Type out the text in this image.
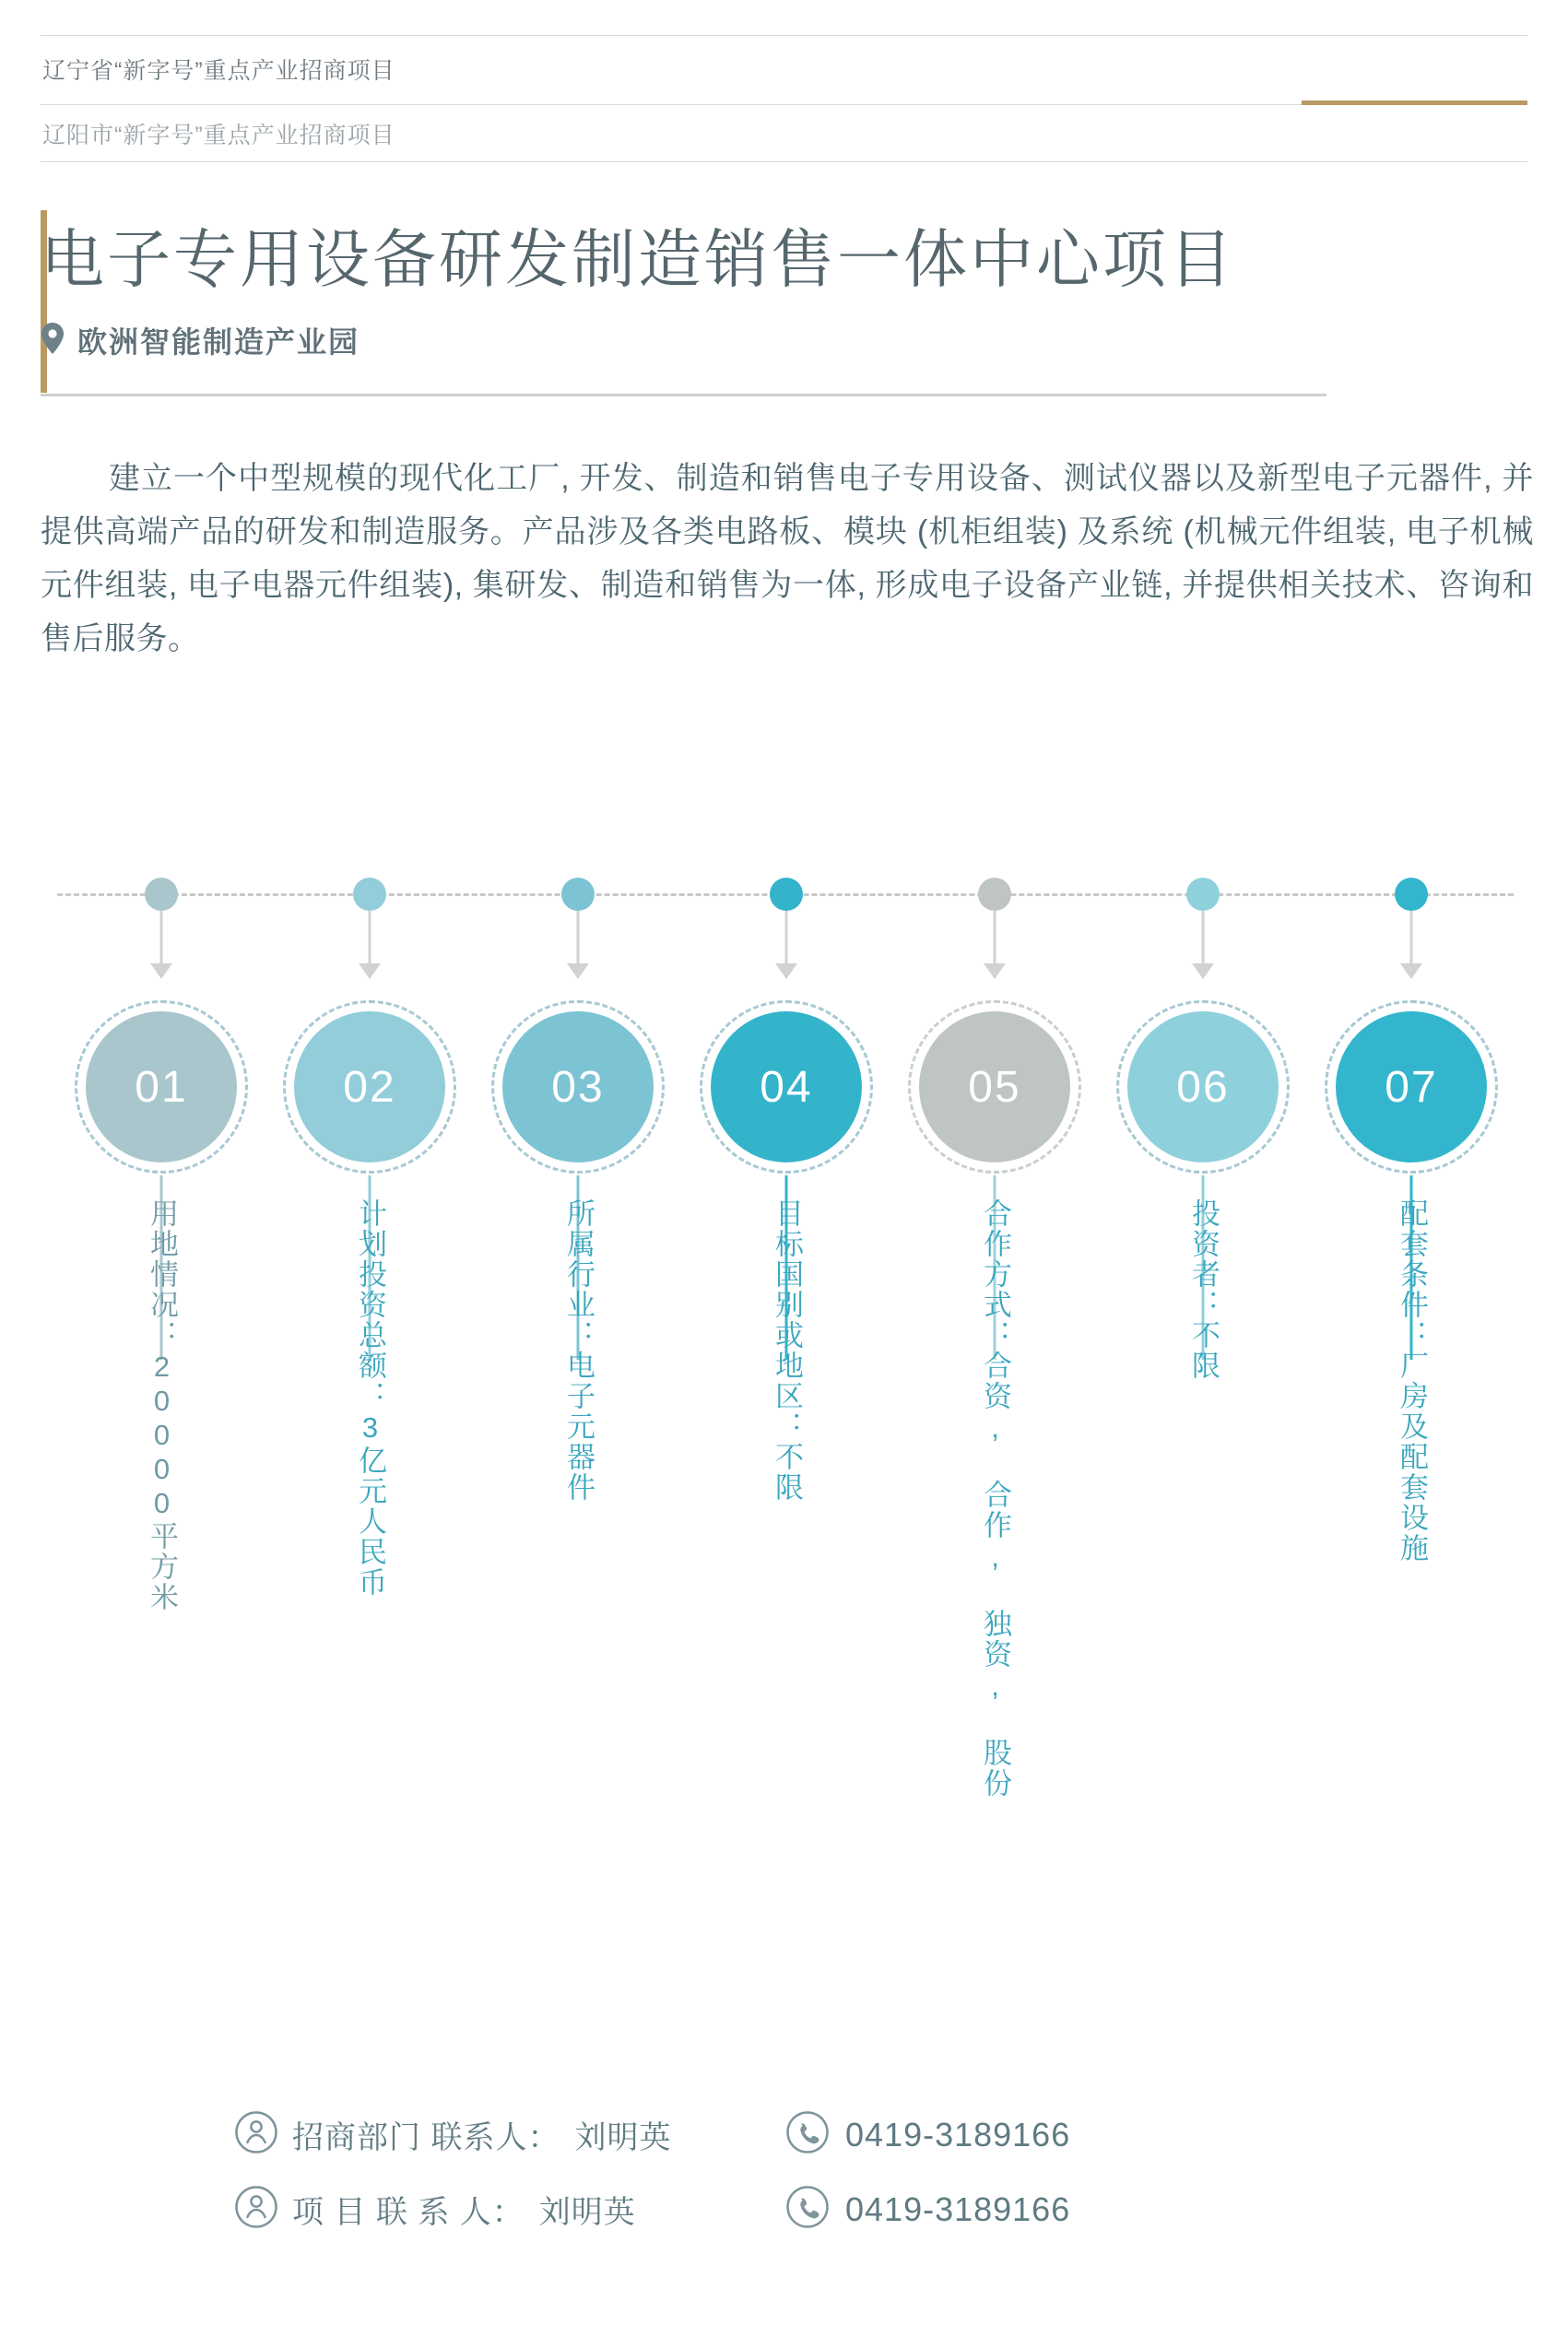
辽宁省“新字号”重点产业招商项目
辽阳市“新字号”重点产业招商项目
电子专用设备研发制造销售一体中心项目
欧洲智能制造产业园
建立一个中型规模的现代化工厂, 开发、制造和销售电子专用设备、测试仪器以及新型电子元器件, 并提供高端产品的研发和制造服务。产品涉及各类电路板、模块 (机柜组装) 及系统 (机械元件组装, 电子机械元件组装, 电子电器元件组装), 集研发、制造和销售为一体, 形成电子设备产业链, 并提供相关技术、咨询和售后服务。
01
用地情况：20000平方米
02
计划投资总额：3亿元人民币
03
所属行业：电子元器件
04
目标国别或地区：不限
05
合作方式：合资, 合作, 独资, 股份
06
投资者：不限
07
配套条件：厂房及配套设施
招商部门 联系人： 刘明英	0419-3189166
项 目 联 系 人： 刘明英	0419-3189166
